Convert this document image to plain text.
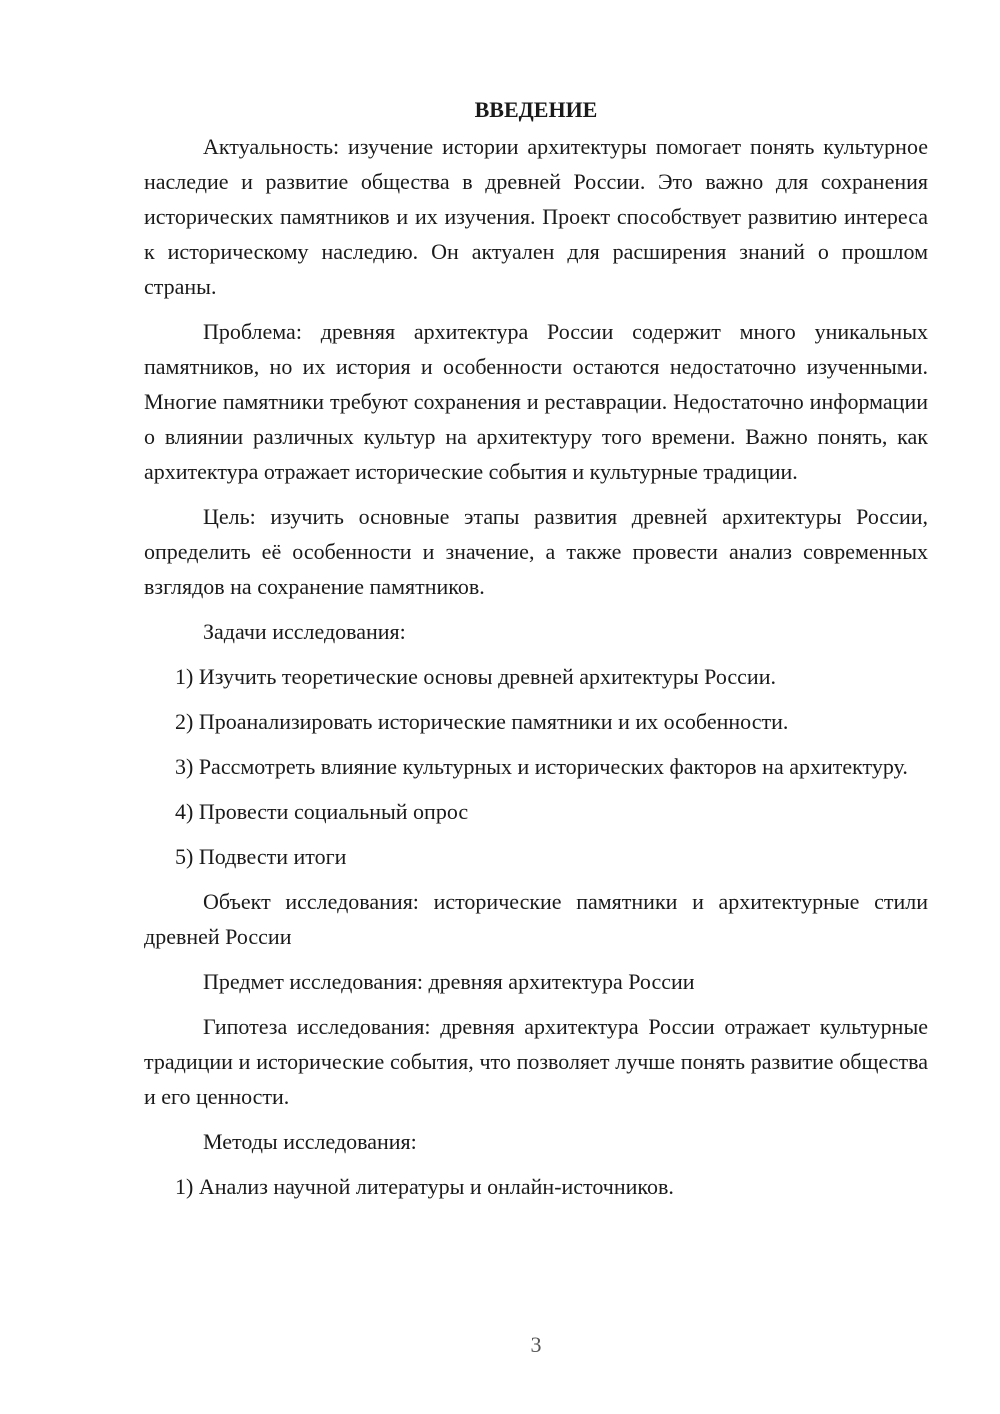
ВВЕДЕНИЕ

Актуальность: изучение истории архитектуры помогает понять культурное наследие и развитие общества в древней России. Это важно для сохранения исторических памятников и их изучения. Проект способствует развитию интереса к историческому наследию. Он актуален для расширения знаний о прошлом страны.

Проблема: древняя архитектура России содержит много уникальных памятников, но их история и особенности остаются недостаточно изученными. Многие памятники требуют сохранения и реставрации. Недостаточно информации о влиянии различных культур на архитектуру того времени. Важно понять, как архитектура отражает исторические события и культурные традиции.

Цель: изучить основные этапы развития древней архитектуры России, определить её особенности и значение, а также провести анализ современных взглядов на сохранение памятников.

Задачи исследования:

1) Изучить теоретические основы древней архитектуры России.

2) Проанализировать исторические памятники и их особенности.

3) Рассмотреть влияние культурных и исторических факторов на архитектуру.

4) Провести социальный опрос

5) Подвести итоги

Объект исследования: исторические памятники и архитектурные стили древней России

Предмет исследования: древняя архитектура России

Гипотеза исследования: древняя архитектура России отражает культурные традиции и исторические события, что позволяет лучше понять развитие общества и его ценности.

Методы исследования:

1) Анализ научной литературы и онлайн-источников.

3
